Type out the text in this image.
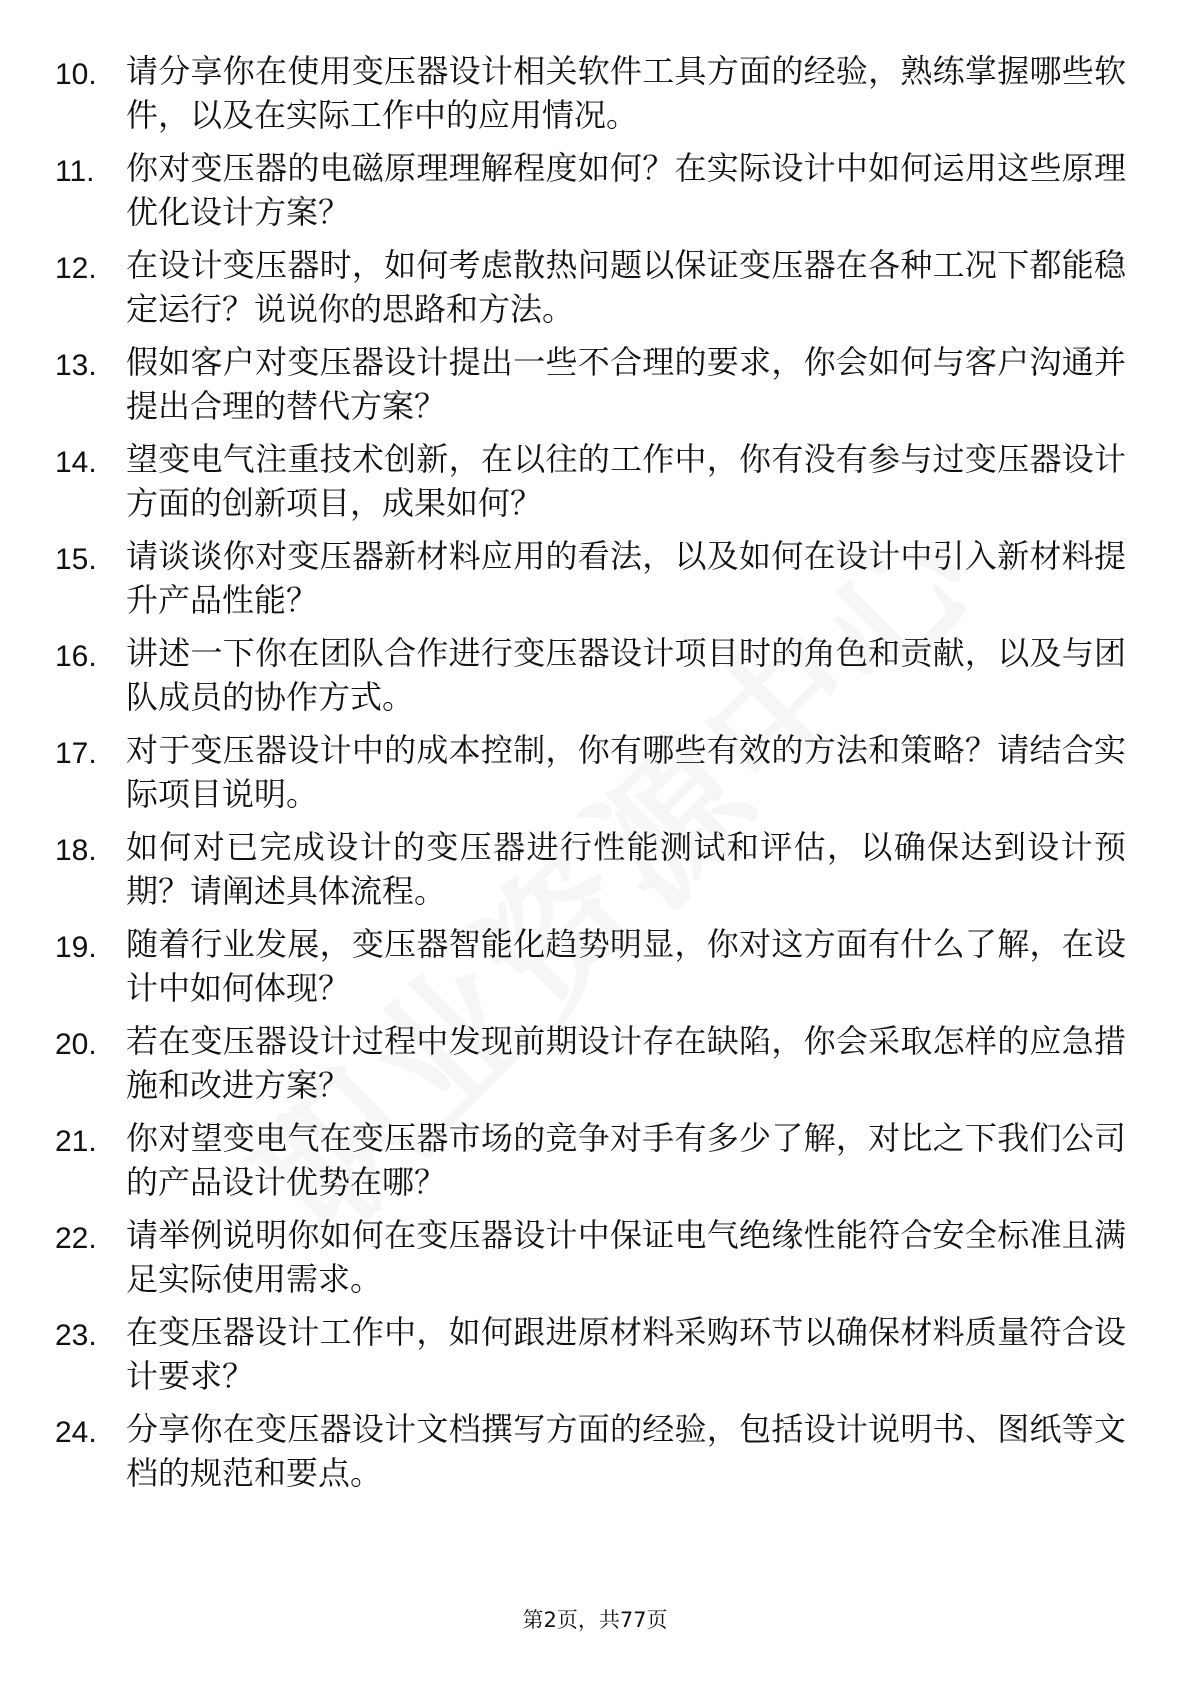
10. 请分享你在使用变压器设计相关软件工具方面的经验，熟练掌握哪些软件，以及在实际工作中的应用情况。
11. 你对变压器的电磁原理理解程度如何？在实际设计中如何运用这些原理优化设计方案？
12. 在设计变压器时，如何考虑散热问题以保证变压器在各种工况下都能稳定运行？说说你的思路和方法。
13. 假如客户对变压器设计提出一些不合理的要求，你会如何与客户沟通并提出合理的替代方案？
14. 望变电气注重技术创新，在以往的工作中，你有没有参与过变压器设计方面的创新项目，成果如何？
15. 请谈谈你对变压器新材料应用的看法，以及如何在设计中引入新材料提升产品性能？
16. 讲述一下你在团队合作进行变压器设计项目时的角色和贡献，以及与团队成员的协作方式。
17. 对于变压器设计中的成本控制，你有哪些有效的方法和策略？请结合实际项目说明。
18. 如何对已完成设计的变压器进行性能测试和评估，以确保达到设计预期？请阐述具体流程。
19. 随着行业发展，变压器智能化趋势明显，你对这方面有什么了解，在设计中如何体现？
20. 若在变压器设计过程中发现前期设计存在缺陷，你会采取怎样的应急措施和改进方案？
21. 你对望变电气在变压器市场的竞争对手有多少了解，对比之下我们公司的产品设计优势在哪？
22. 请举例说明你如何在变压器设计中保证电气绝缘性能符合安全标准且满足实际使用需求。
23. 在变压器设计工作中，如何跟进原材料采购环节以确保材料质量符合设计要求？
24. 分享你在变压器设计文档撰写方面的经验，包括设计说明书、图纸等文档的规范和要点。
第2页，共77页
